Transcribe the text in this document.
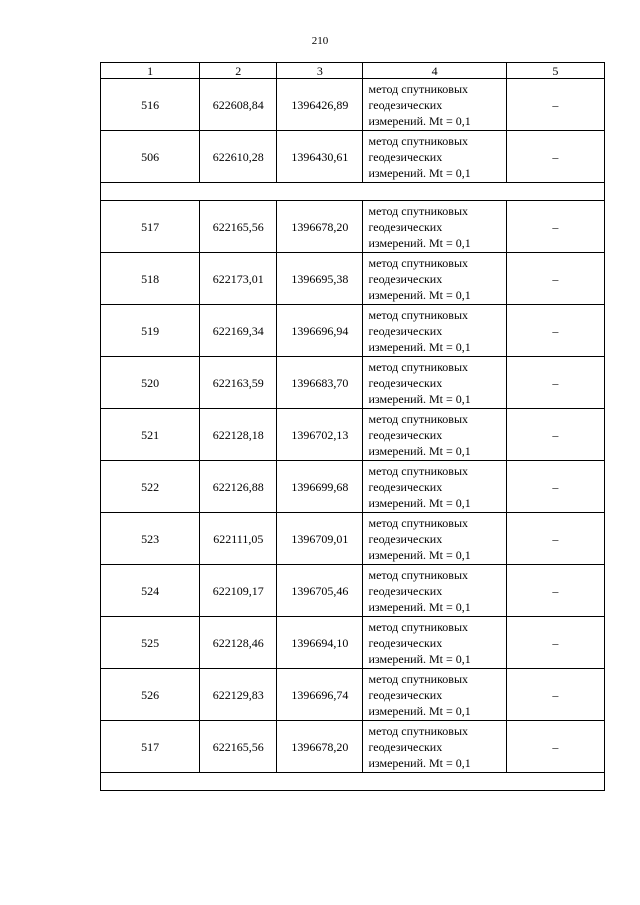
210
1	2	3	4	5
516	622608,84	1396426,89	метод спутниковых
геодезических
измерений. Mt = 0,1	–
506	622610,28	1396430,61	метод спутниковых
геодезических
измерений. Mt = 0,1	–

517	622165,56	1396678,20	метод спутниковых
геодезических
измерений. Mt = 0,1	–
518	622173,01	1396695,38	метод спутниковых
геодезических
измерений. Mt = 0,1	–
519	622169,34	1396696,94	метод спутниковых
геодезических
измерений. Mt = 0,1	–
520	622163,59	1396683,70	метод спутниковых
геодезических
измерений. Mt = 0,1	–
521	622128,18	1396702,13	метод спутниковых
геодезических
измерений. Mt = 0,1	–
522	622126,88	1396699,68	метод спутниковых
геодезических
измерений. Mt = 0,1	–
523	622111,05	1396709,01	метод спутниковых
геодезических
измерений. Mt = 0,1	–
524	622109,17	1396705,46	метод спутниковых
геодезических
измерений. Mt = 0,1	–
525	622128,46	1396694,10	метод спутниковых
геодезических
измерений. Mt = 0,1	–
526	622129,83	1396696,74	метод спутниковых
геодезических
измерений. Mt = 0,1	–
517	622165,56	1396678,20	метод спутниковых
геодезических
измерений. Mt = 0,1	–
